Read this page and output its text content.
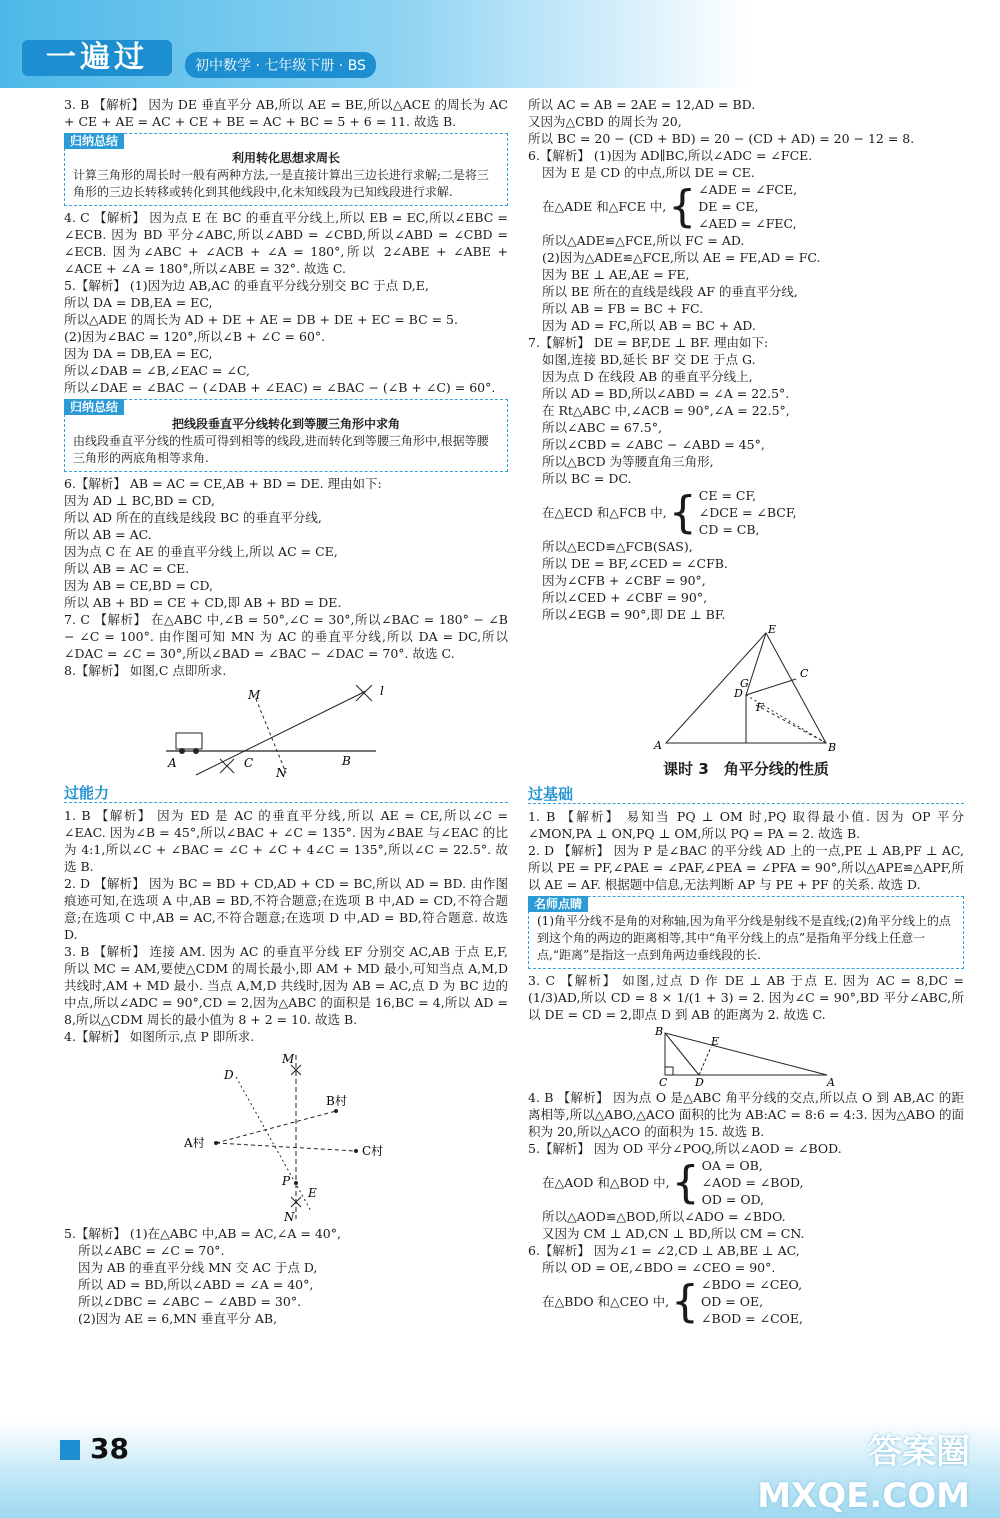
一遍过	初中数学 · 七年级下册 · BS

3. B 【解析】 因为 DE 垂直平分 AB,所以 AE = BE,所以△ACE 的周长为 AC + CE + AE = AC + CE + BE = AC + BC = 5 + 6 = 11. 故选 B.

归纳总结
利用转化思想求周长
计算三角形的周长时一般有两种方法,一是直接计算出三边长进行求解;二是将三角形的三边长转移或转化到其他线段中,化未知线段为已知线段进行求解.

4. C 【解析】 因为点 E 在 BC 的垂直平分线上,所以 EB = EC,所以∠EBC = ∠ECB. 因为 BD 平分∠ABC,所以∠ABD = ∠CBD,所以∠ABD = ∠CBD = ∠ECB. 因为∠ABC + ∠ACB + ∠A = 180°,所以 2∠ABE + ∠ABE + ∠ACE + ∠A = 180°,所以∠ABE = 32°. 故选 C.

5.【解析】 (1)因为边 AB,AC 的垂直平分线分别交 BC 于点 D,E,

所以 DA = DB,EA = EC,

所以△ADE 的周长为 AD + DE + AE = DB + DE + EC = BC = 5.

(2)因为∠BAC = 120°,所以∠B + ∠C = 60°.

因为 DA = DB,EA = EC,

所以∠DAB = ∠B,∠EAC = ∠C,

所以∠DAE = ∠BAC − (∠DAB + ∠EAC) = ∠BAC − (∠B + ∠C) = 60°.

归纳总结
把线段垂直平分线转化到等腰三角形中求角
由线段垂直平分线的性质可得到相等的线段,进而转化到等腰三角形中,根据等腰三角形的两底角相等求角.

6.【解析】 AB = AC = CE,AB + BD = DE. 理由如下:

因为 AD ⊥ BC,BD = CD,

所以 AD 所在的直线是线段 BC 的垂直平分线,

所以 AB = AC.

因为点 C 在 AE 的垂直平分线上,所以 AC = CE,

所以 AB = AC = CE.

因为 AB = CE,BD = CD,

所以 AB + BD = CE + CD,即 AB + BD = DE.

7. C 【解析】 在△ABC 中,∠B = 50°,∠C = 30°,所以∠BAC = 180° − ∠B − ∠C = 100°. 由作图可知 MN 为 AC 的垂直平分线,所以 DA = DC,所以∠DAC = ∠C = 30°,所以∠BAD = ∠BAC − ∠DAC = 70°. 故选 C.

8.【解析】 如图,C 点即所求.

M	l
A	C	B
N
过能力

1. B 【解析】 因为 ED 是 AC 的垂直平分线,所以 AE = CE,所以∠C = ∠EAC. 因为∠B = 45°,所以∠BAC + ∠C = 135°. 因为∠BAE 与∠EAC 的比为 4:1,所以∠C + ∠BAC = ∠C + ∠C + 4∠C = 135°,所以∠C = 22.5°. 故选 B.

2. D 【解析】 因为 BC = BD + CD,AD + CD = BC,所以 AD = BD. 由作图痕迹可知,在选项 A 中,AB = BD,不符合题意;在选项 B 中,AD = CD,不符合题意;在选项 C 中,AB = AC,不符合题意;在选项 D 中,AD = BD,符合题意. 故选 D.

3. B 【解析】 连接 AM. 因为 AC 的垂直平分线 EF 分别交 AC,AB 于点 E,F,所以 MC = AM,要使△CDM 的周长最小,即 AM + MD 最小,可知当点 A,M,D 共线时,AM + MD 最小. 当点 A,M,D 共线时,因为 AB = AC,点 D 为 BC 边的中点,所以∠ADC = 90°,CD = 2,因为△ABC 的面积是 16,BC = 4,所以 AD = 8,所以△CDM 周长的最小值为 8 + 2 = 10. 故选 B.

4.【解析】 如图所示,点 P 即所求.

M
D
B村
A村
C村
P
E
N

5.【解析】 (1)在△ABC 中,AB = AC,∠A = 40°,

所以∠ABC = ∠C = 70°.

因为 AB 的垂直平分线 MN 交 AC 于点 D,

所以 AD = BD,所以∠ABD = ∠A = 40°,

所以∠DBC = ∠ABC − ∠ABD = 30°.

(2)因为 AE = 6,MN 垂直平分 AB,

所以 AC = AB = 2AE = 12,AD = BD.

又因为△CBD 的周长为 20,

所以 BC = 20 − (CD + BD) = 20 − (CD + AD) = 20 − 12 = 8.

6.【解析】 (1)因为 AD∥BC,所以∠ADC = ∠FCE.

因为 E 是 CD 的中点,所以 DE = CE.

在△ADE 和△FCE 中, { ∠ADE = ∠FCE,
DE = CE,
∠AED = ∠FEC,

所以△ADE≌△FCE,所以 FC = AD.

(2)因为△ADE≌△FCE,所以 AE = FE,AD = FC.

因为 BE ⊥ AE,AE = FE,

所以 BE 所在的直线是线段 AF 的垂直平分线,

所以 AB = FB = BC + FC.

因为 AD = FC,所以 AB = BC + AD.

7.【解析】 DE = BF,DE ⊥ BF. 理由如下:

如图,连接 BD,延长 BF 交 DE 于点 G.

因为点 D 在线段 AB 的垂直平分线上,

所以 AD = BD,所以∠ABD = ∠A = 22.5°.

在 Rt△ABC 中,∠ACB = 90°,∠A = 22.5°,

所以∠ABC = 67.5°,

所以∠CBD = ∠ABC − ∠ABD = 45°,

所以△BCD 为等腰直角三角形,

所以 BC = DC.

在△ECD 和△FCB 中, { CE = CF,
∠DCE = ∠BCF,
CD = CB,

所以△ECD≌△FCB(SAS),

所以 DE = BF,∠CED = ∠CFB.

因为∠CFB + ∠CBF = 90°,

所以∠CED + ∠CBF = 90°,

所以∠EGB = 90°,即 DE ⊥ BF.

E
C
G
D
F
A	B
课时 3　角平分线的性质
过基础

1. B 【解析】 易知当 PQ ⊥ OM 时,PQ 取得最小值. 因为 OP 平分∠MON,PA ⊥ ON,PQ ⊥ OM,所以 PQ = PA = 2. 故选 B.

2. D 【解析】 因为 P 是∠BAC 的平分线 AD 上的一点,PE ⊥ AB,PF ⊥ AC,所以 PE = PF,∠PAE = ∠PAF,∠PEA = ∠PFA = 90°,所以△APE≌△APF,所以 AE = AF. 根据题中信息,无法判断 AP 与 PE + PF 的关系. 故选 D.

名师点睛
(1)角平分线不是角的对称轴,因为角平分线是射线不是直线;(2)角平分线上的点到这个角的两边的距离相等,其中“角平分线上的点”是指角平分线上任意一点,“距离”是指这一点到角两边垂线段的长.

3. C 【解析】 如图,过点 D 作 DE ⊥ AB 于点 E. 因为 AC = 8,DC = (1/3)AD,所以 CD = 8 × 1/(1 + 3) = 2. 因为∠C = 90°,BD 平分∠ABC,所以 DE = CD = 2,即点 D 到 AB 的距离为 2. 故选 C.

B
E
C	D	A

4. B 【解析】 因为点 O 是△ABC 角平分线的交点,所以点 O 到 AB,AC 的距离相等,所以△ABO,△ACO 面积的比为 AB:AC = 8:6 = 4:3. 因为△ABO 的面积为 20,所以△ACO 的面积为 15. 故选 B.

5.【解析】 因为 OD 平分∠POQ,所以∠AOD = ∠BOD.

在△AOD 和△BOD 中, { OA = OB,
∠AOD = ∠BOD,
OD = OD,

所以△AOD≌△BOD,所以∠ADO = ∠BDO.

又因为 CM ⊥ AD,CN ⊥ BD,所以 CM = CN.

6.【解析】 因为∠1 = ∠2,CD ⊥ AB,BE ⊥ AC,

所以 OD = OE,∠BDO = ∠CEO = 90°.

在△BDO 和△CEO 中, { ∠BDO = ∠CEO,
OD = OE,
∠BOD = ∠COE,
38	答案圈
MXQE.COM
